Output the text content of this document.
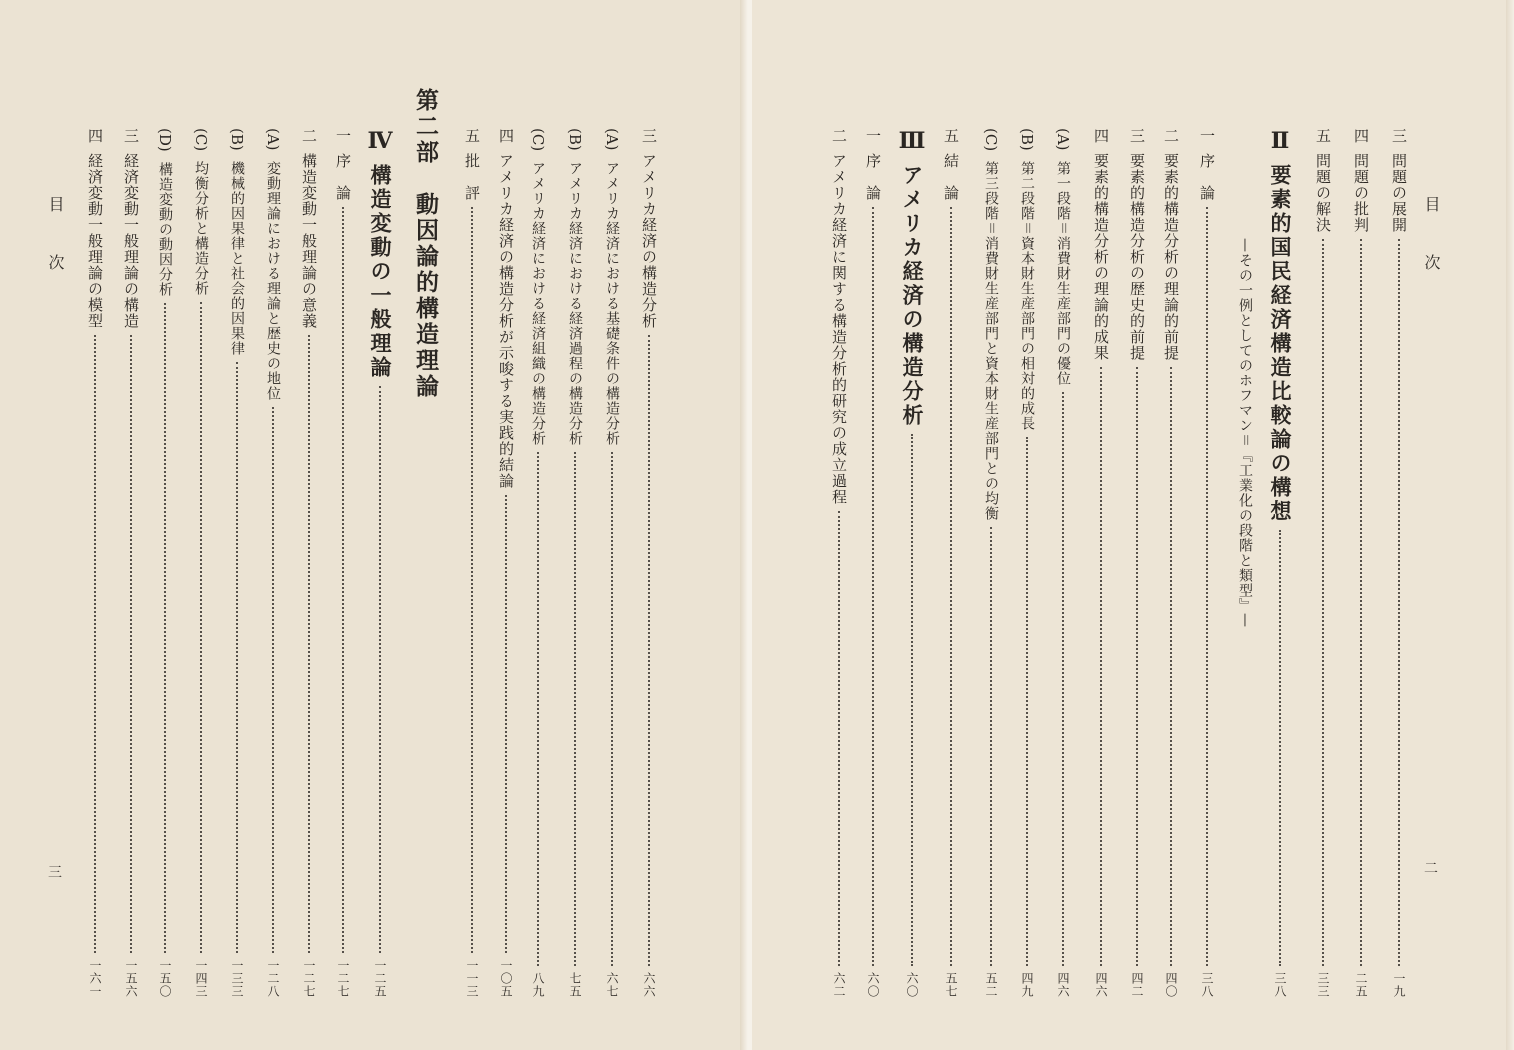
目次
三
三
アメリカ経済の構造分析
六六
(A)
アメリカ経済における基礎条件の構造分析
六七
(B)
アメリカ経済における経済過程の構造分析
七五
(C)
アメリカ経済における経済組織の構造分析
八九
四
アメリカ経済の構造分析が示唆する実践的結論
一〇五
五
批　評
一一三
第二部　動因論的構造理論
Ⅳ
構造変動の一般理論
一二五
一
序　論
一二七
二
構造変動一般理論の意義
一二七
(A)
変動理論における理論と歴史の地位
一二八
(B)
機械的因果律と社会的因果律
一三三
(C)
均衡分析と構造分析
一四三
(D)
構造変動の動因分析
一五〇
三
経済変動一般理論の構造
一五六
四
経済変動一般理論の模型
一六一
目次
二
三
問題の展開
一九
四
問題の批判
二五
五
問題の解決
三三
Ⅱ
要素的国民経済構造比較論の構想
三八
—その一例としてのホフマン＝『工業化の段階と類型』—
一
序　論
三八
二
要素的構造分析の理論的前提
四〇
三
要素的構造分析の歴史的前提
四二
四
要素的構造分析の理論的成果
四六
(A)
第一段階＝消費財生産部門の優位
四六
(B)
第二段階＝資本財生産部門の相対的成長
四九
(C)
第三段階＝消費財生産部門と資本財生産部門との均衡
五二
五
結　論
五七
Ⅲ
アメリカ経済の構造分析
六〇
一
序　論
六〇
二
アメリカ経済に関する構造分析的研究の成立過程
六二
